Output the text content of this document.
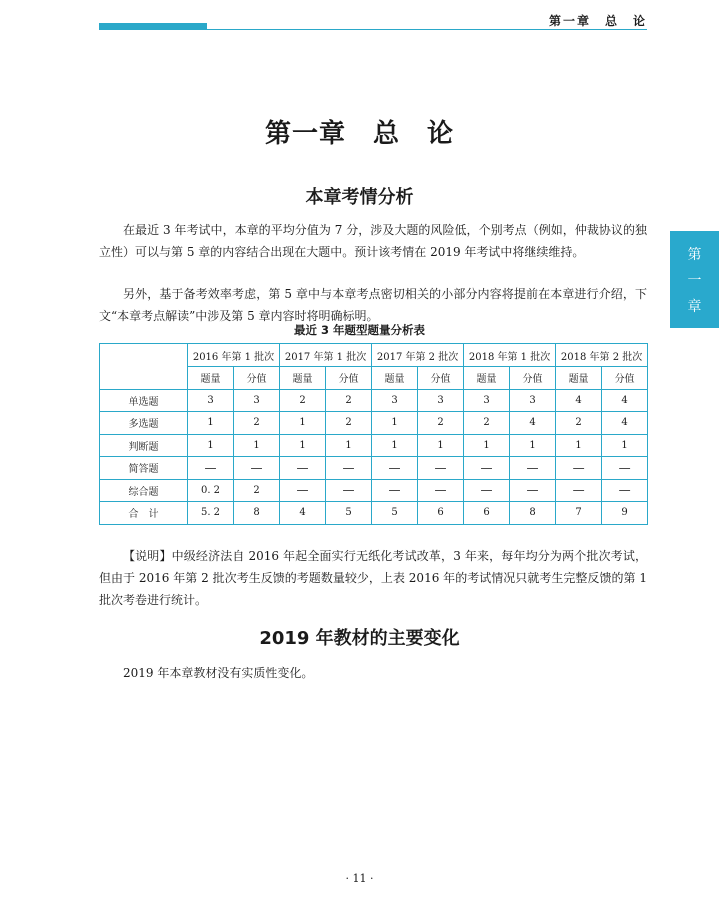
第一章　总　论
第
一
章
第一章　总　论
本章考情分析
在最近 3 年考试中，本章的平均分值为 7 分，涉及大题的风险低，个别考点（例如，仲裁协议的独立性）可以与第 5 章的内容结合出现在大题中。预计该考情在 2019 年考试中将继续维持。
另外，基于备考效率考虑，第 5 章中与本章考点密切相关的小部分内容将提前在本章进行介绍，下文“本章考点解读”中涉及第 5 章内容时将明确标明。
最近 3 年题型题量分析表
	2016 年第 1 批次		2017 年第 1 批次		2017 年第 2 批次		2018 年第 1 批次		2018 年第 2 批次	
	题量	分值	题量	分值	题量	分值	题量	分值	题量	分值
单选题	3	3	2	2	3	3	3	3	4	4
多选题	1	2	1	2	1	2	2	4	2	4
判断题	1	1	1	1	1	1	1	1	1	1
简答题	—	—	—	—	—	—	—	—	—	—
综合题	0. 2	2	—	—	—	—	—	—	—	—
合　计	5. 2	8	4	5	5	6	6	8	7	9
【说明】中级经济法自 2016 年起全面实行无纸化考试改革，3 年来，每年均分为两个批次考试，但由于 2016 年第 2 批次考生反馈的考题数量较少，上表 2016 年的考试情况只就考生完整反馈的第 1 批次考卷进行统计。
2019 年教材的主要变化
2019 年本章教材没有实质性变化。
· 11 ·
